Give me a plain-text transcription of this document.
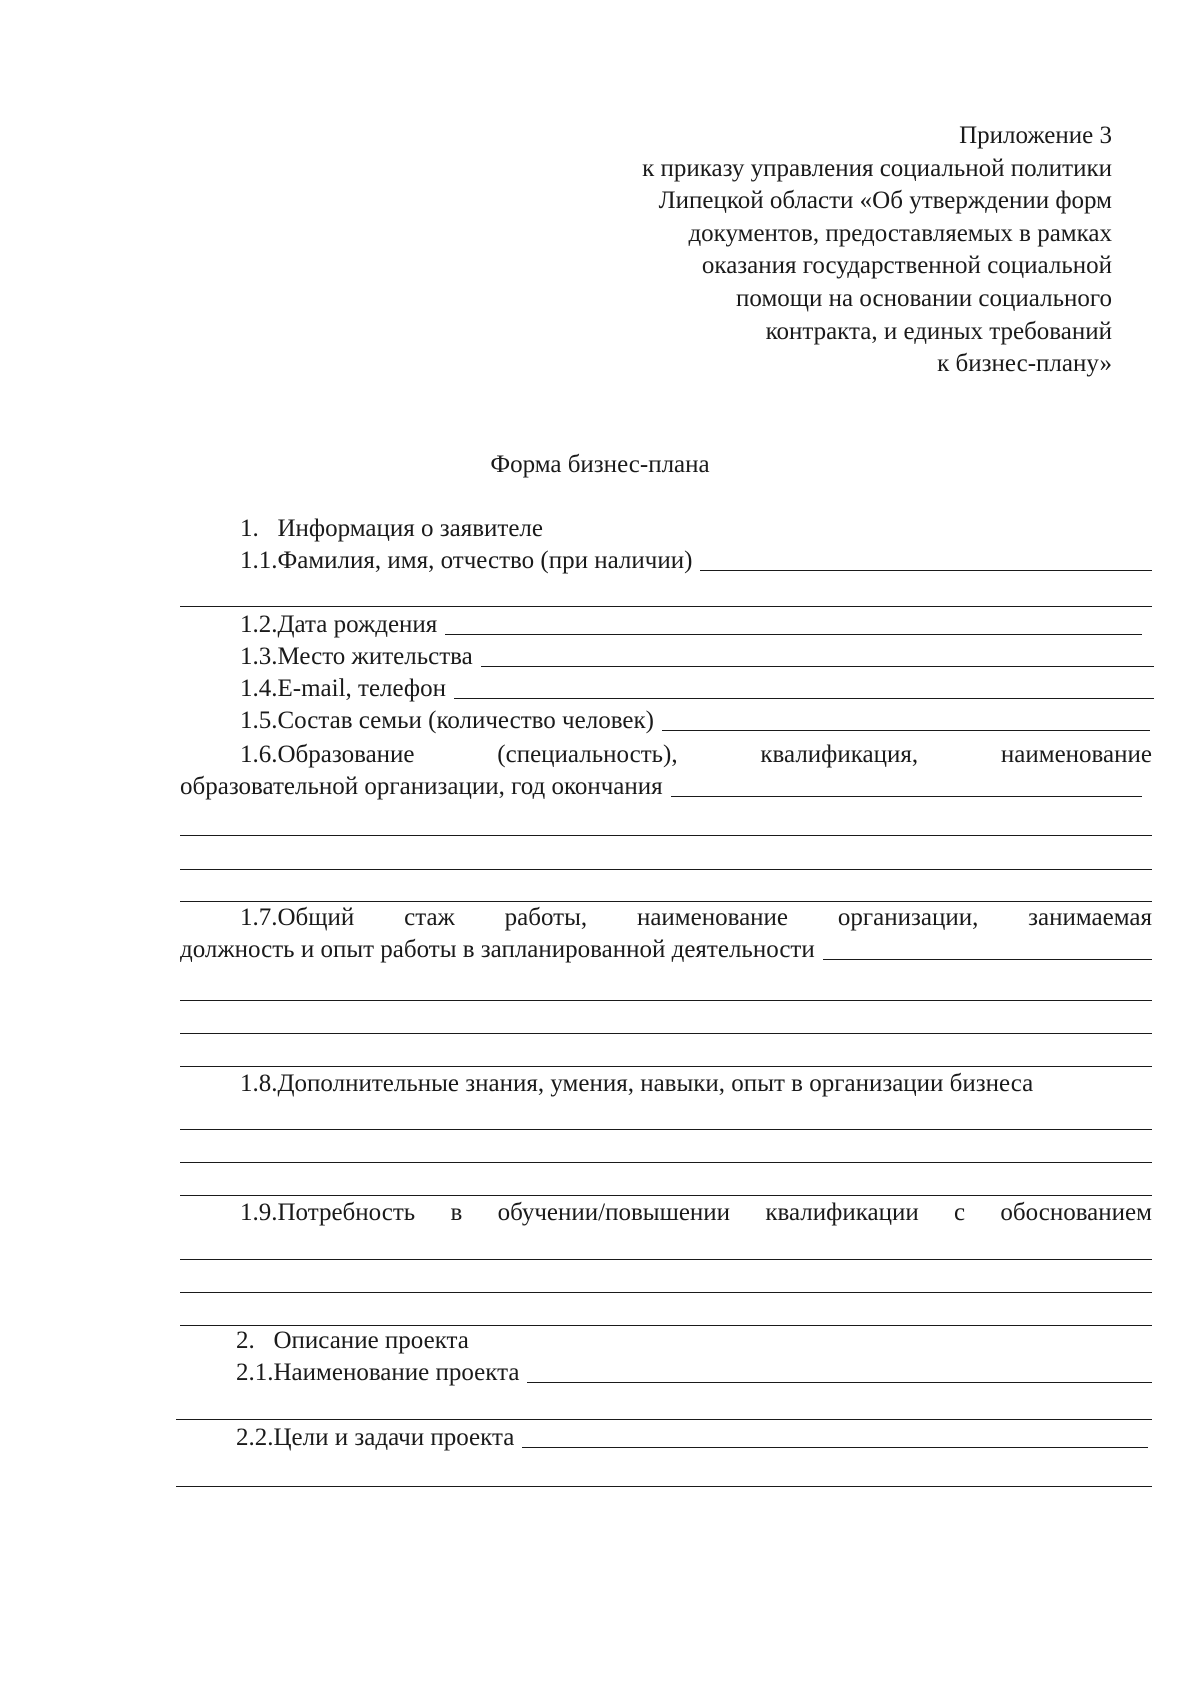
Приложение 3
к приказу управления социальной политики
Липецкой области «Об утверждении форм
документов, предоставляемых в рамках
оказания государственной социальной
помощи на основании социального
контракта, и единых требований
к бизнес-плану»
Форма бизнес-плана
1.   Информация о заявителе
1.1.Фамилия, имя, отчество (при наличии)
1.2.Дата рождения
1.3.Место жительства
1.4.E-mail, телефон
1.5.Состав семьи (количество человек)
1.6.Образование	(специальность),	квалификация,	наименование
образовательной организации, год окончания
1.7.Общий стаж работы, наименование организации, занимаемая
должность и опыт работы в запланированной деятельности
1.8.Дополнительные знания, умения, навыки, опыт в организации бизнеса
1.9.Потребность в обучении/повышении квалификации с обоснованием
2.   Описание проекта
2.1.Наименование проекта
2.2.Цели и задачи проекта
